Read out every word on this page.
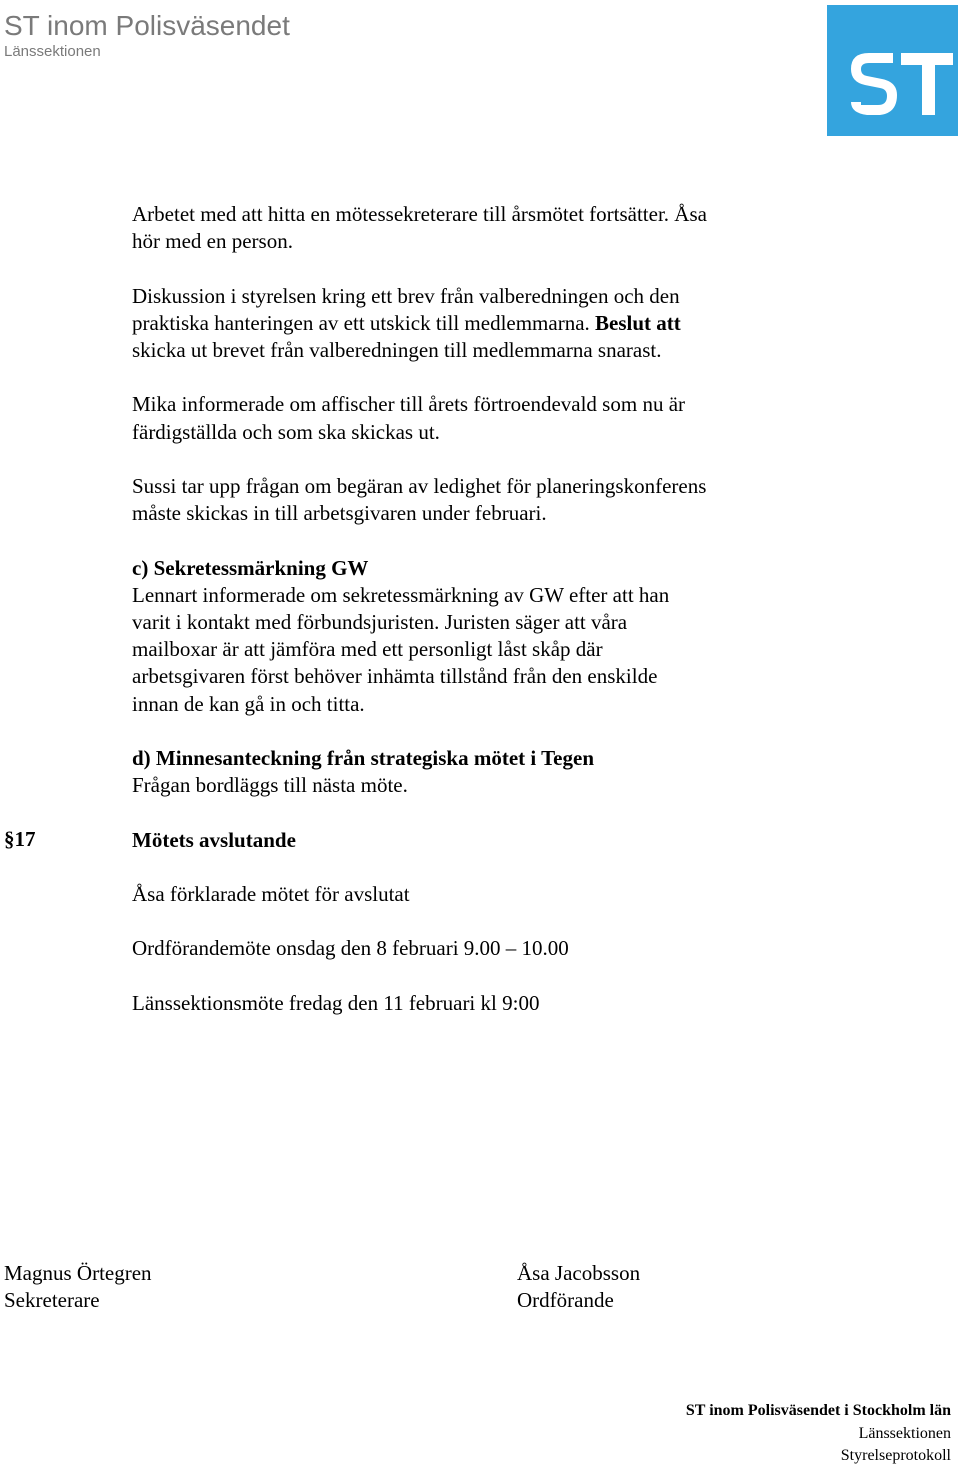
ST inom Polisväsendet
Länssektionen

Arbetet med att hitta en mötessekreterare till årsmötet fortsätter. Åsa
hör med en person.

Diskussion i styrelsen kring ett brev från valberedningen och den
praktiska hanteringen av ett utskick till medlemmarna. Beslut att
skicka ut brevet från valberedningen till medlemmarna snarast.

Mika informerade om affischer till årets förtroendevald som nu är
färdigställda och som ska skickas ut.

Sussi tar upp frågan om begäran av ledighet för planeringskonferens
måste skickas in till arbetsgivaren under februari.

c) Sekretessmärkning GW
Lennart informerade om sekretessmärkning av GW efter att han
varit i kontakt med förbundsjuristen. Juristen säger att våra
mailboxar är att jämföra med ett personligt låst skåp där
arbetsgivaren först behöver inhämta tillstånd från den enskilde
innan de kan gå in och titta.

d) Minnesanteckning från strategiska mötet i Tegen
Frågan bordläggs till nästa möte.

Mötets avslutande

Åsa förklarade mötet för avslutat

Ordförandemöte onsdag den 8 februari 9.00 – 10.00

Länssektionsmöte fredag den 11 februari kl 9:00

§17
Magnus Örtegren
Sekreterare
Åsa Jacobsson
Ordförande
ST inom Polisväsendet i Stockholm län
Länssektionen
Styrelseprotokoll
